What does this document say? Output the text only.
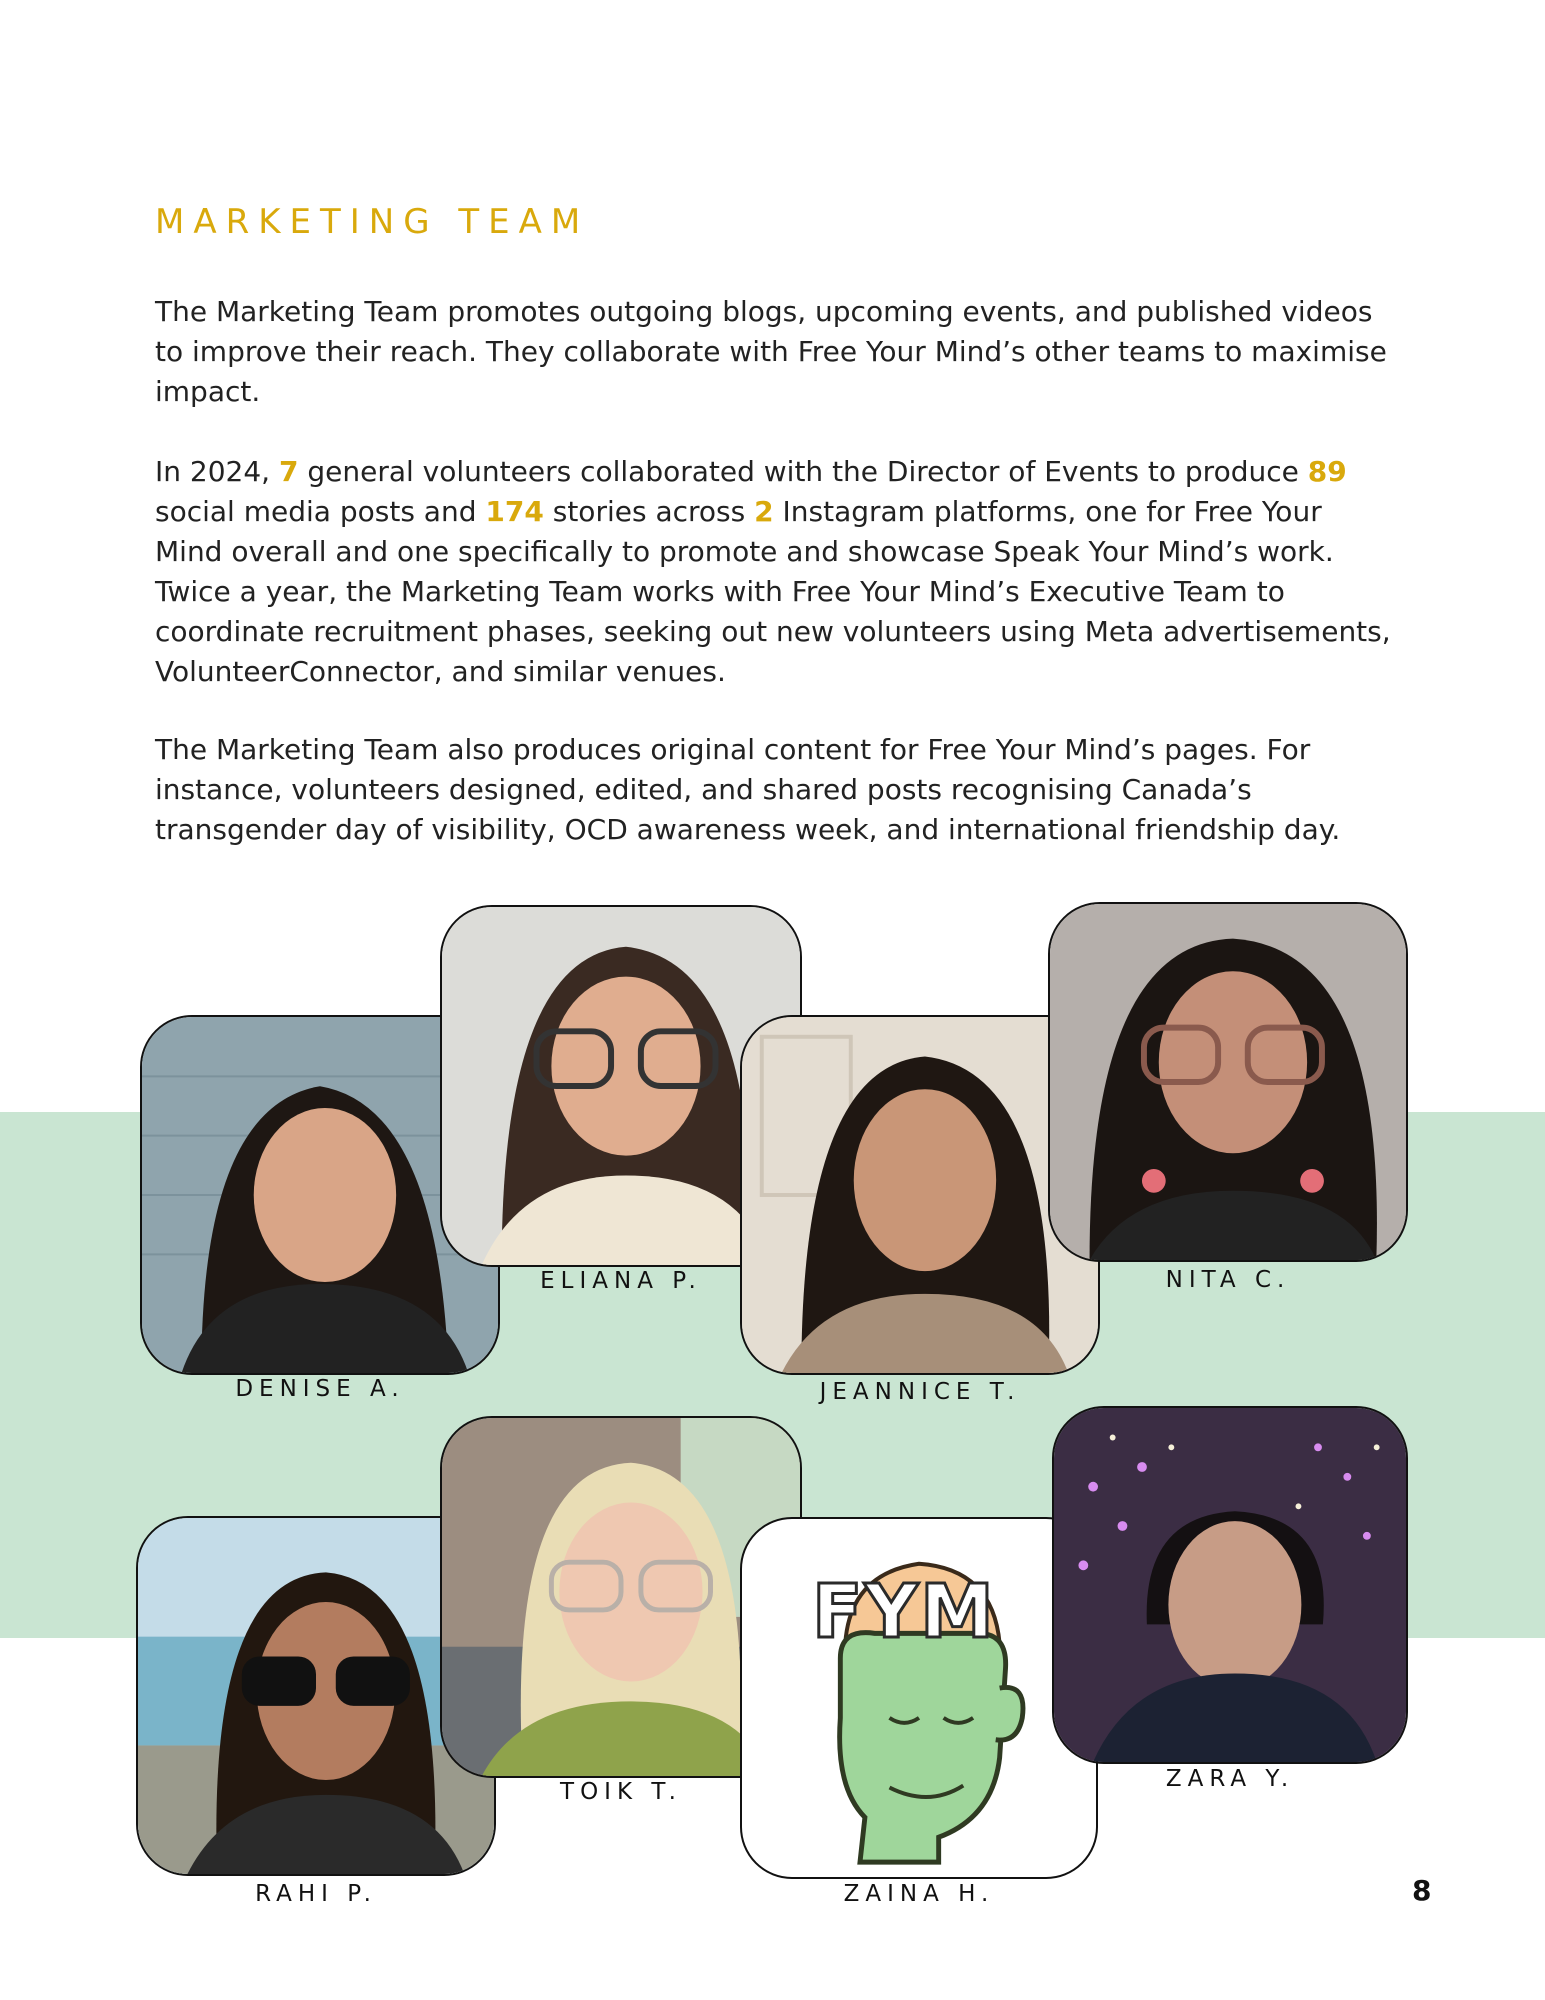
MARKETING TEAM

The Marketing Team promotes outgoing blogs, upcoming events, and published videos to improve their reach. They collaborate with Free Your Mind’s other teams to maximise impact.

In 2024, 7 general volunteers collaborated with the Director of Events to produce 89 social media posts and 174 stories across 2 Instagram platforms, one for Free Your Mind overall and one specifically to promote and showcase Speak Your Mind’s work. Twice a year, the Marketing Team works with Free Your Mind’s Executive Team to coordinate recruitment phases, seeking out new volunteers using Meta advertisements, VolunteerConnector, and similar venues.

The Marketing Team also produces original content for Free Your Mind’s pages. For instance, volunteers designed, edited, and shared posts recognising Canada’s transgender day of visibility, OCD awareness week, and international friendship day.

FYM
DENISE A.
ELIANA P.
JEANNICE T.
NITA C.
RAHI P.
TOIK T.
ZAINA H.
ZARA Y.
8
